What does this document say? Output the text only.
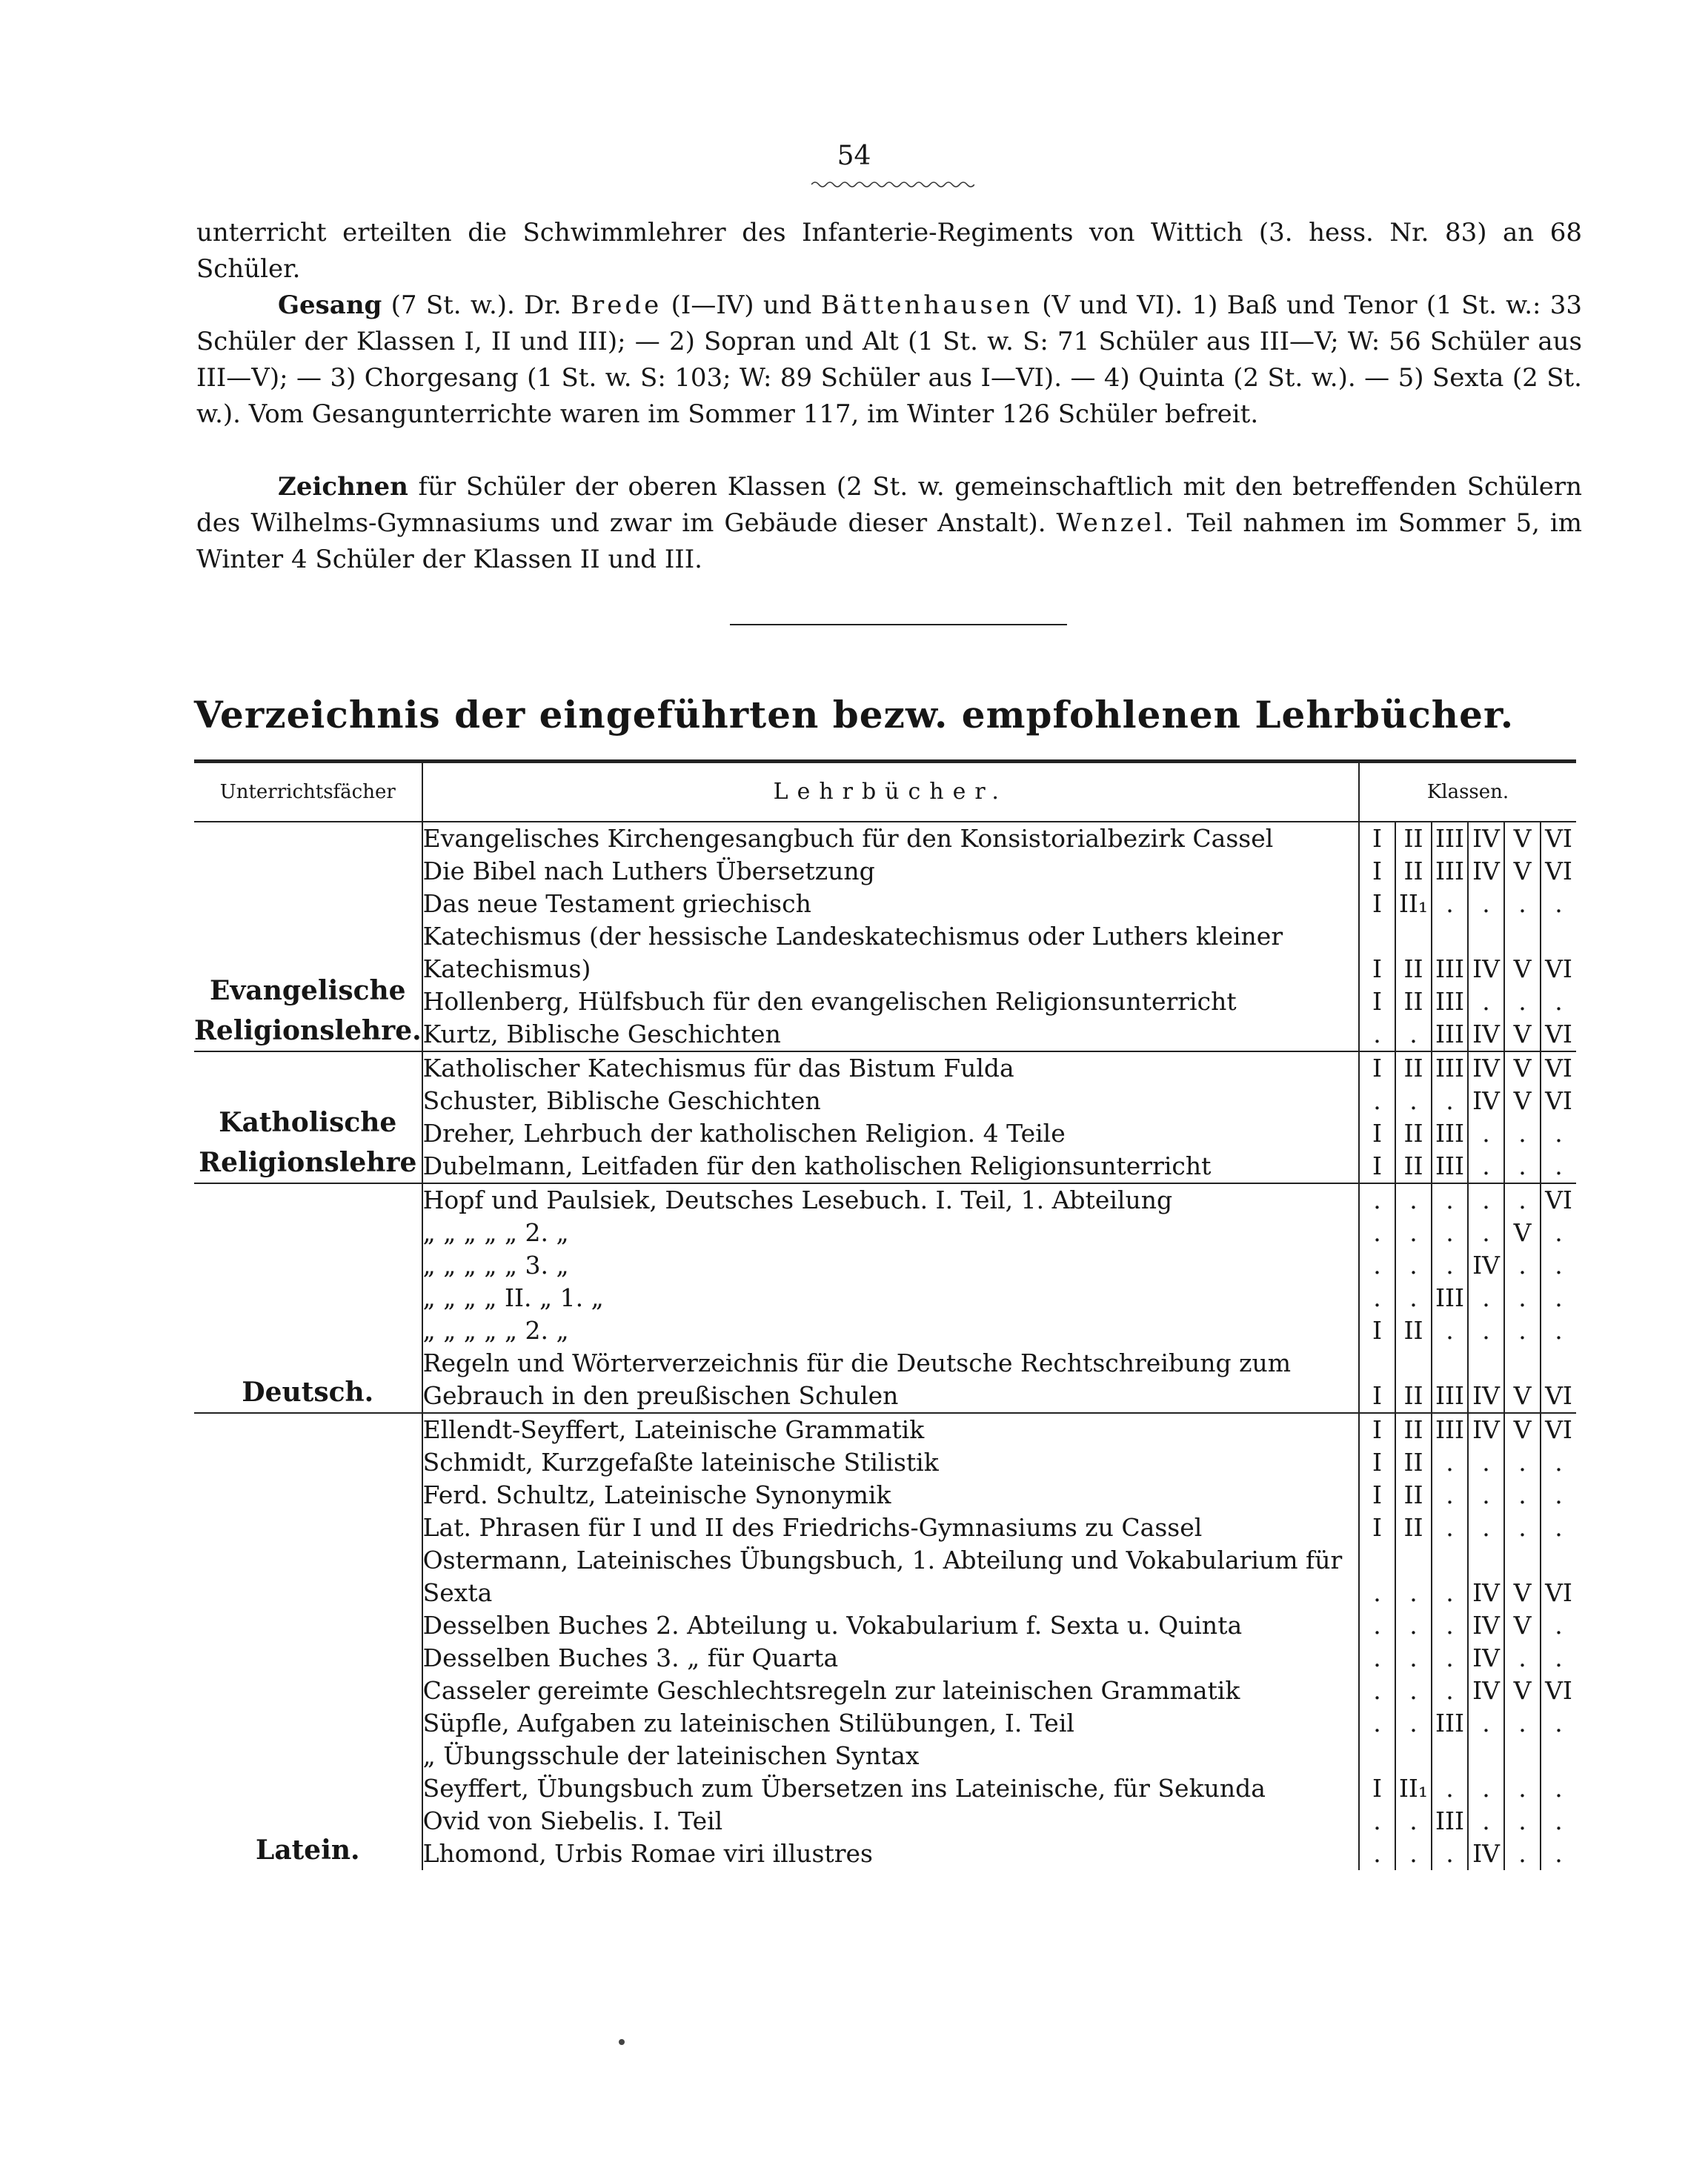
54
unterricht erteilten die Schwimmlehrer des Infanterie-Regiments von Wittich (3. hess. Nr. 83) an 68 Schüler.
Gesang (7 St. w.). Dr. Brede (I—IV) und Bättenhausen (V und VI). 1) Baß und Tenor (1 St. w.: 33 Schüler der Klassen I, II und III); — 2) Sopran und Alt (1 St. w. S: 71 Schüler aus III—V; W: 56 Schüler aus III—V); — 3) Chorgesang (1 St. w. S: 103; W: 89 Schüler aus I—VI). — 4) Quinta (2 St. w.). — 5) Sexta (2 St. w.). Vom Gesangunterrichte waren im Sommer 117, im Winter 126 Schüler befreit.
Zeichnen für Schüler der oberen Klassen (2 St. w. gemeinschaftlich mit den betreffenden Schülern des Wilhelms-Gymnasiums und zwar im Gebäude dieser Anstalt). Wenzel. Teil nahmen im Sommer 5, im Winter 4 Schüler der Klassen II und III.
Verzeichnis der eingeführten bezw. empfohlenen Lehrbücher.
Unterrichtsfächer	Lehrbücher.	Klassen.					
Evangelische Religionslehre.	Evangelisches Kirchengesangbuch für den Konsistorialbezirk Cassel	I	II	III	IV	V	VI
	Die Bibel nach Luthers Übersetzung	I	II	III	IV	V	VI
	Das neue Testament griechisch	I	II₁	.	.	.	.
	Katechismus (der hessische Landeskatechismus oder Luthers kleiner Katechismus)	I	II	III	IV	V	VI
	Hollenberg, Hülfsbuch für den evangelischen Religionsunterricht	I	II	III	.	.	.
	Kurtz, Biblische Geschichten	.	.	III	IV	V	VI
Katholische Religionslehre	Katholischer Katechismus für das Bistum Fulda	I	II	III	IV	V	VI
	Schuster, Biblische Geschichten	.	.	.	IV	V	VI
	Dreher, Lehrbuch der katholischen Religion. 4 Teile	I	II	III	.	.	.
	Dubelmann, Leitfaden für den katholischen Religionsunterricht	I	II	III	.	.	.
Deutsch.	Hopf und Paulsiek, Deutsches Lesebuch. I. Teil, 1. Abteilung	.	.	.	.	.	VI
	„ „ „ „ „ 2. „	.	.	.	.	V	.
	„ „ „ „ „ 3. „	.	.	.	IV	.	.
	„ „ „ „ II. „ 1. „	.	.	III	.	.	.
	„ „ „ „ „ 2. „	I	II	.	.	.	.
	Regeln und Wörterverzeichnis für die Deutsche Rechtschreibung zum Gebrauch in den preußischen Schulen	I	II	III	IV	V	VI
Latein.	Ellendt-Seyffert, Lateinische Grammatik	I	II	III	IV	V	VI
	Schmidt, Kurzgefaßte lateinische Stilistik	I	II	.	.	.	.
	Ferd. Schultz, Lateinische Synonymik	I	II	.	.	.	.
	Lat. Phrasen für I und II des Friedrichs-Gymnasiums zu Cassel	I	II	.	.	.	.
	Ostermann, Lateinisches Übungsbuch, 1. Abteilung und Vokabularium für Sexta	.	.	.	IV	V	VI
	Desselben Buches 2. Abteilung u. Vokabularium f. Sexta u. Quinta	.	.	.	IV	V	.
	Desselben Buches 3. „ für Quarta	.	.	.	IV	.	.
	Casseler gereimte Geschlechtsregeln zur lateinischen Grammatik	.	.	.	IV	V	VI
	Süpfle, Aufgaben zu lateinischen Stilübungen, I. Teil	.	.	III	.	.	.
	„ Übungsschule der lateinischen Syntax						
	Seyffert, Übungsbuch zum Übersetzen ins Lateinische, für Sekunda	I	II₁	.	.	.	.
	Ovid von Siebelis. I. Teil	.	.	III	.	.	.
	Lhomond, Urbis Romae viri illustres	.	.	.	IV	.	.
